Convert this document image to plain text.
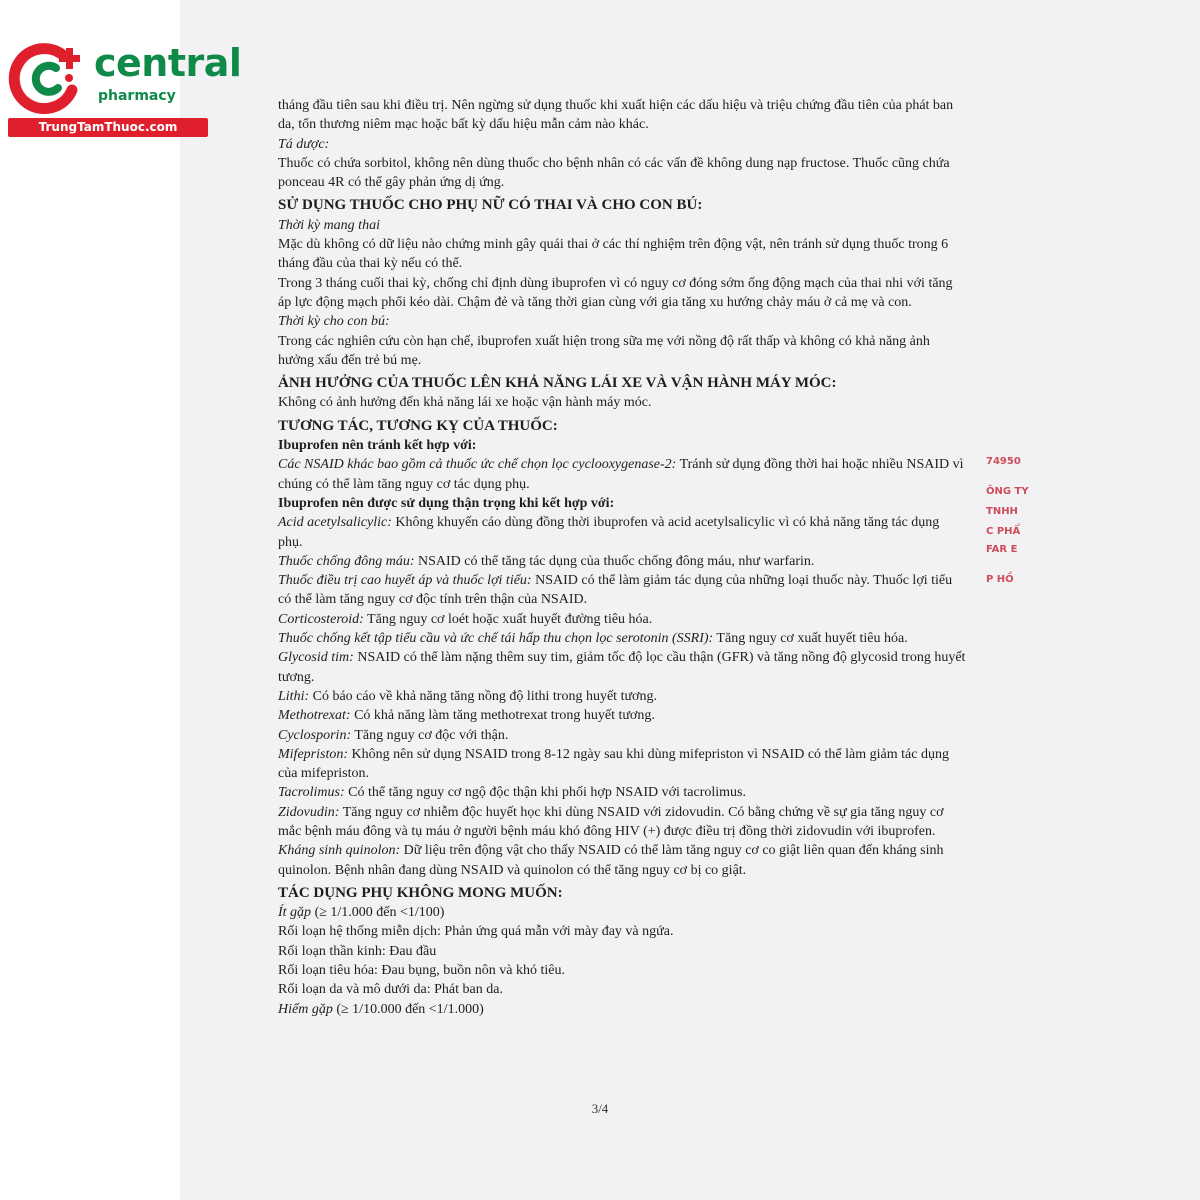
central
pharmacy
TrungTamThuoc.com

tháng đầu tiên sau khi điều trị. Nên ngừng sử dụng thuốc khi xuất hiện các dấu hiệu và triệu chứng đầu tiên của phát ban da, tổn thương niêm mạc hoặc bất kỳ dấu hiệu mẫn cảm nào khác.

Tá dược:

Thuốc có chứa sorbitol, không nên dùng thuốc cho bệnh nhân có các vấn đề không dung nạp fructose. Thuốc cũng chứa ponceau 4R có thể gây phản ứng dị ứng.

SỬ DỤNG THUỐC CHO PHỤ NỮ CÓ THAI VÀ CHO CON BÚ:

Thời kỳ mang thai

Mặc dù không có dữ liệu nào chứng minh gây quái thai ở các thí nghiệm trên động vật, nên tránh sử dụng thuốc trong 6 tháng đầu của thai kỳ nếu có thể.

Trong 3 tháng cuối thai kỳ, chống chỉ định dùng ibuprofen vì có nguy cơ đóng sớm ống động mạch của thai nhi với tăng áp lực động mạch phổi kéo dài. Chậm đẻ và tăng thời gian cùng với gia tăng xu hướng chảy máu ở cả mẹ và con.

Thời kỳ cho con bú:

Trong các nghiên cứu còn hạn chế, ibuprofen xuất hiện trong sữa mẹ với nồng độ rất thấp và không có khả năng ảnh hưởng xấu đến trẻ bú mẹ.

ẢNH HƯỞNG CỦA THUỐC LÊN KHẢ NĂNG LÁI XE VÀ VẬN HÀNH MÁY MÓC:

Không có ảnh hưởng đến khả năng lái xe hoặc vận hành máy móc.

TƯƠNG TÁC, TƯƠNG KỴ CỦA THUỐC:

Ibuprofen nên tránh kết hợp với:

Các NSAID khác bao gồm cả thuốc ức chế chọn lọc cyclooxygenase-2: Tránh sử dụng đồng thời hai hoặc nhiều NSAID vì chúng có thể làm tăng nguy cơ tác dụng phụ.

Ibuprofen nên được sử dụng thận trọng khi kết hợp với:

Acid acetylsalicylic: Không khuyến cáo dùng đồng thời ibuprofen và acid acetylsalicylic vì có khả năng tăng tác dụng phụ.

Thuốc chống đông máu: NSAID có thể tăng tác dụng của thuốc chống đông máu, như warfarin.

Thuốc điều trị cao huyết áp và thuốc lợi tiểu: NSAID có thể làm giảm tác dụng của những loại thuốc này. Thuốc lợi tiểu có thể làm tăng nguy cơ độc tính trên thận của NSAID.

Corticosteroid: Tăng nguy cơ loét hoặc xuất huyết đường tiêu hóa.

Thuốc chống kết tập tiểu cầu và ức chế tái hấp thu chọn lọc serotonin (SSRI): Tăng nguy cơ xuất huyết tiêu hóa.

Glycosid tim: NSAID có thể làm nặng thêm suy tim, giảm tốc độ lọc cầu thận (GFR) và tăng nồng độ glycosid trong huyết tương.

Lithi: Có báo cáo về khả năng tăng nồng độ lithi trong huyết tương.

Methotrexat: Có khả năng làm tăng methotrexat trong huyết tương.

Cyclosporin: Tăng nguy cơ độc với thận.

Mifepriston: Không nên sử dụng NSAID trong 8-12 ngày sau khi dùng mifepriston vì NSAID có thể làm giảm tác dụng của mifepriston.

Tacrolimus: Có thể tăng nguy cơ ngộ độc thận khi phối hợp NSAID với tacrolimus.

Zidovudin: Tăng nguy cơ nhiễm độc huyết học khi dùng NSAID với zidovudin. Có bằng chứng về sự gia tăng nguy cơ mắc bệnh máu đông và tụ máu ở người bệnh máu khó đông HIV (+) được điều trị đồng thời zidovudin với ibuprofen.

Kháng sinh quinolon: Dữ liệu trên động vật cho thấy NSAID có thể làm tăng nguy cơ co giật liên quan đến kháng sinh quinolon. Bệnh nhân đang dùng NSAID và quinolon có thể tăng nguy cơ bị co giật.

TÁC DỤNG PHỤ KHÔNG MONG MUỐN:

Ít gặp (≥ 1/1.000 đến <1/100)

Rối loạn hệ thống miễn dịch: Phản ứng quá mẫn với mày đay và ngứa.

Rối loạn thần kinh: Đau đầu

Rối loạn tiêu hóa: Đau bụng, buồn nôn và khó tiêu.

Rối loạn da và mô dưới da: Phát ban da.

Hiếm gặp (≥ 1/10.000 đến <1/1.000)

3/4
74950
ÔNG TY
TNHH
C PHẨ
FAR E
P HỒ
